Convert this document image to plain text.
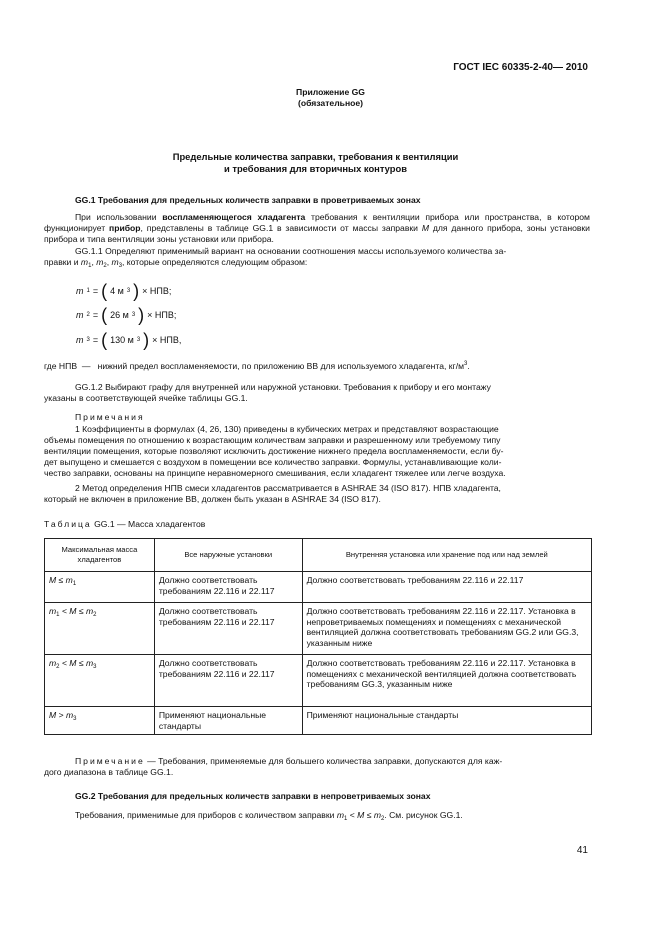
ГОСТ IEC 60335-2-40— 2010
Приложение GG
(обязательное)
Предельные количества заправки, требования к вентиляции
и требования для вторичных контуров
GG.1 Требования для предельных количеств заправки в проветриваемых зонах
При использовании воспламеняющегося хладагента требования к вентиляции прибора или пространства, в котором функционирует прибор, представлены в таблице GG.1 в зависимости от массы заправки M для данного прибора, зоны установки прибора и типа вентиляции зоны установки или прибора.
GG.1.1 Определяют применимый вариант на основании соотношения массы используемого количества за-
правки и $m_1$, $m_2$, $m_3$, которые определяются следующим образом:
m 1 = ( 4 м 3 ) × НПВ;
m 2 = ( 26 м 3 ) × НПВ;
m 3 = ( 130 м 3 ) × НПВ,
где НПВ — нижний предел воспламеняемости, по приложению ВВ для используемого хладагента, $кг/м^3$.
GG.1.2 Выбирают графу для внутренней или наружной установки. Требования к прибору и его монтажу
указаны в соответствующей ячейке таблицы GG.1.
Примечания
1 Коэффициенты в формулах (4, 26, 130) приведены в кубических метрах и представляют возрастающие
объемы помещения по отношению к возрастающим количествам заправки и разрешенному или требуемому типу
вентиляции помещения, которые позволяют исключить достижение нижнего предела воспламеняемости, если бу-
дет выпущено и смешается с воздухом в помещении все количество заправки. Формулы, устанавливающие коли-
чество заправки, основаны на принципе неравномерного смешивания, если хладагент тяжелее или легче воздуха.
2 Метод определения НПВ смеси хладагентов рассматривается в ASHRAE 34 (ISO 817). НПВ хладагента,
который не включен в приложение ВВ, должен быть указан в ASHRAE 34 (ISO 817).
Таблица GG.1 — Масса хладагентов
Максимальная масса хладагентов	Все наружные установки	Внутренняя установка или хранение под или над землей
$M \le m_1$	Должно соответствовать требованиям 22.116 и 22.117	Должно соответствовать требованиям 22.116 и 22.117
$m_1 < M \le m_2$	Должно соответствовать требованиям 22.116 и 22.117	Должно соответствовать требованиям 22.116 и 22.117. Установка в непроветриваемых помещениях и помещениях с механической вентиляцией должна соответствовать требованиям GG.2 или GG.3, указанным ниже
$m_2 < M \le m_3$	Должно соответствовать требованиям 22.116 и 22.117	Должно соответствовать требованиям 22.116 и 22.117. Установка в помещениях с механической вентиляцией должна соответствовать требованиям GG.3, указанным ниже
$M > m_3$	Применяют национальные стандарты	Применяют национальные стандарты
Примечание — Требования, применяемые для большего количества заправки, допускаются для каж-
дого диапазона в таблице GG.1.
GG.2 Требования для предельных количеств заправки в непроветриваемых зонах
Требования, применимые для приборов с количеством заправки $m_1 < M \le m_2$. См. рисунок GG.1.
41
